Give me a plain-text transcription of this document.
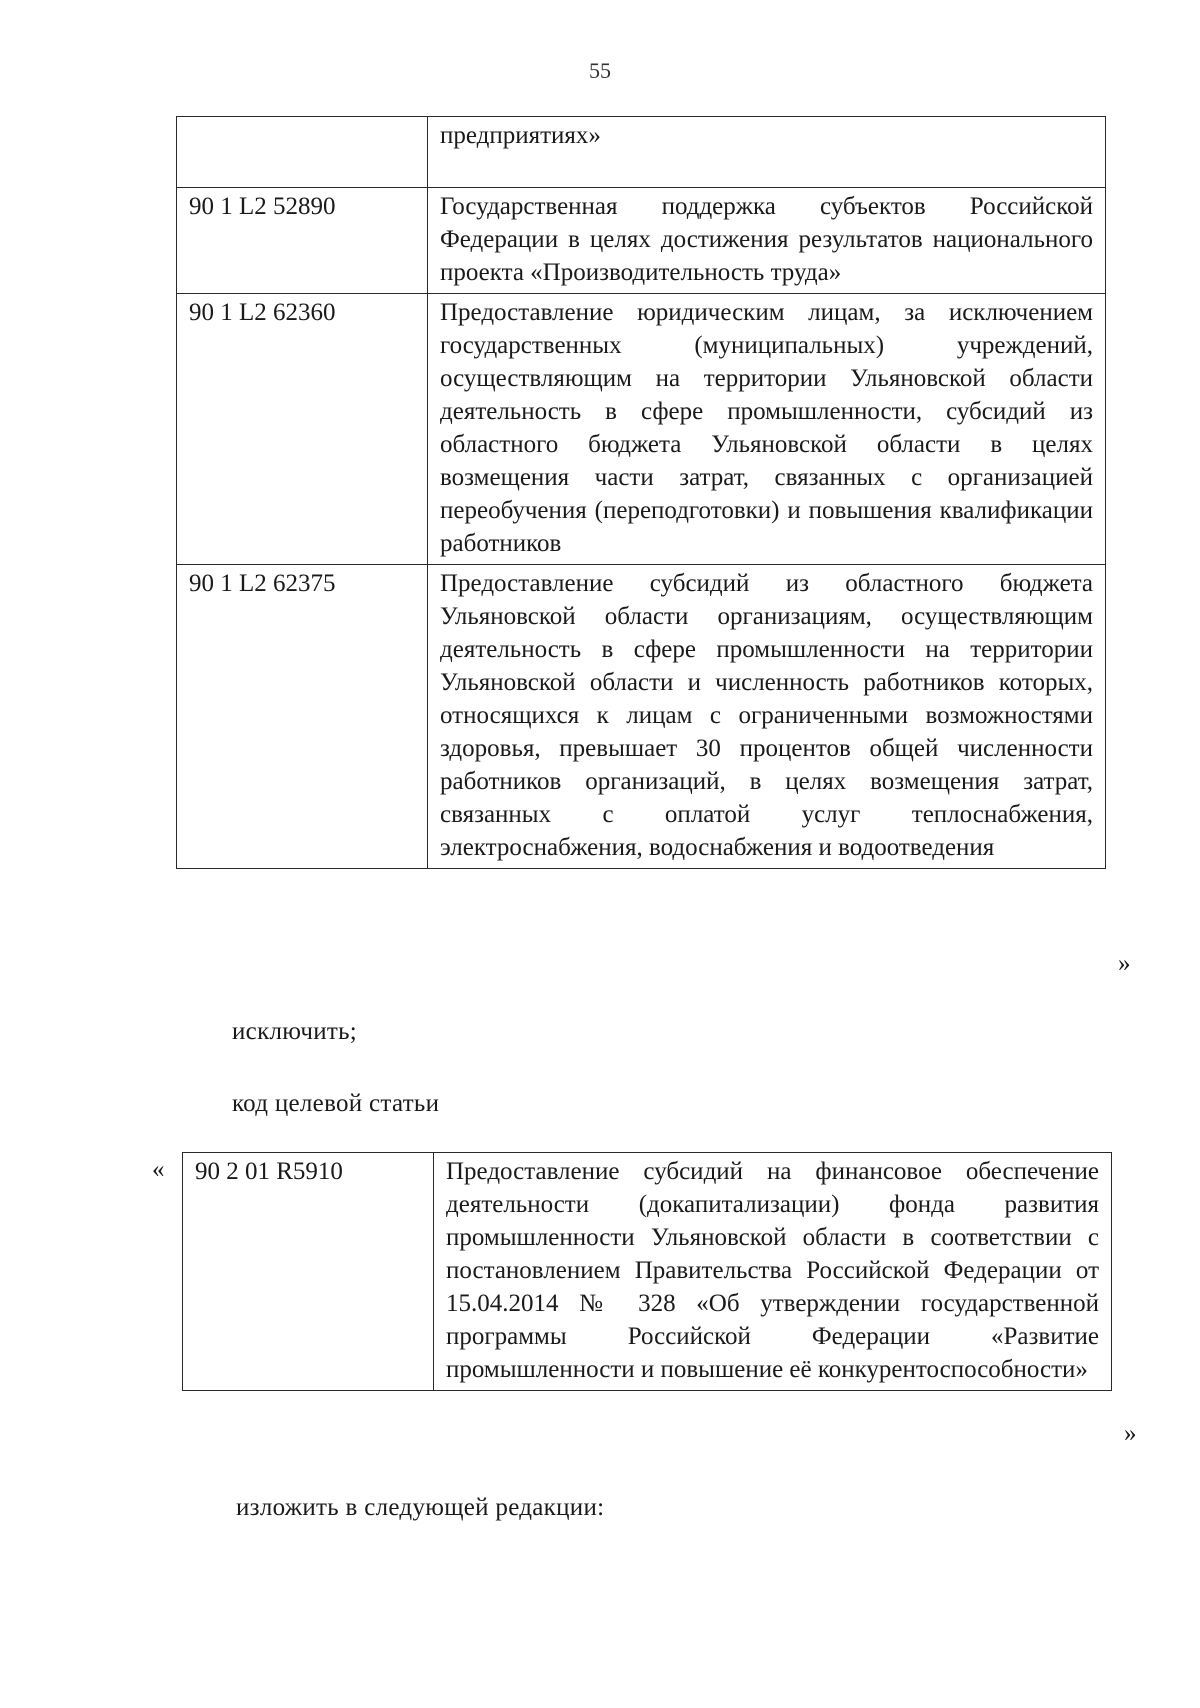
55
	предприятиях»
90 1 L2 52890	Государственная поддержка субъектов Российской Федерации в целях достижения результатов национального проекта «Производительность труда»
90 1 L2 62360	Предоставление юридическим лицам, за исключением государственных (муниципальных) учреждений, осуществляющим на территории Ульяновской области деятельность в сфере промышленности, субсидий из областного бюджета Ульяновской области в целях возмещения части затрат, связанных с организацией переобучения (переподготовки) и повышения квалификации работников
90 1 L2 62375	Предоставление субсидий из областного бюджета Ульяновской области организациям, осуществляющим деятельность в сфере промышленности на территории Ульяновской области и численность работников которых, относящихся к лицам с ограниченными возможностями здоровья, превышает 30 процентов общей численности работников организаций, в целях возмещения затрат, связанных с оплатой услуг теплоснабжения, электроснабжения, водоснабжения и водоотведения
»
исключить;
код целевой статьи
« 90 2 01 R5910	Предоставление субсидий на финансовое обеспечение деятельности (докапитализации) фонда развития промышленности Ульяновской области в соответствии с постановлением Правительства Российской Федерации от 15.04.2014 № 328 «Об утверждении государственной программы Российской Федерации «Развитие промышленности и повышение её конкурентоспособности»
»
изложить в следующей редакции:
